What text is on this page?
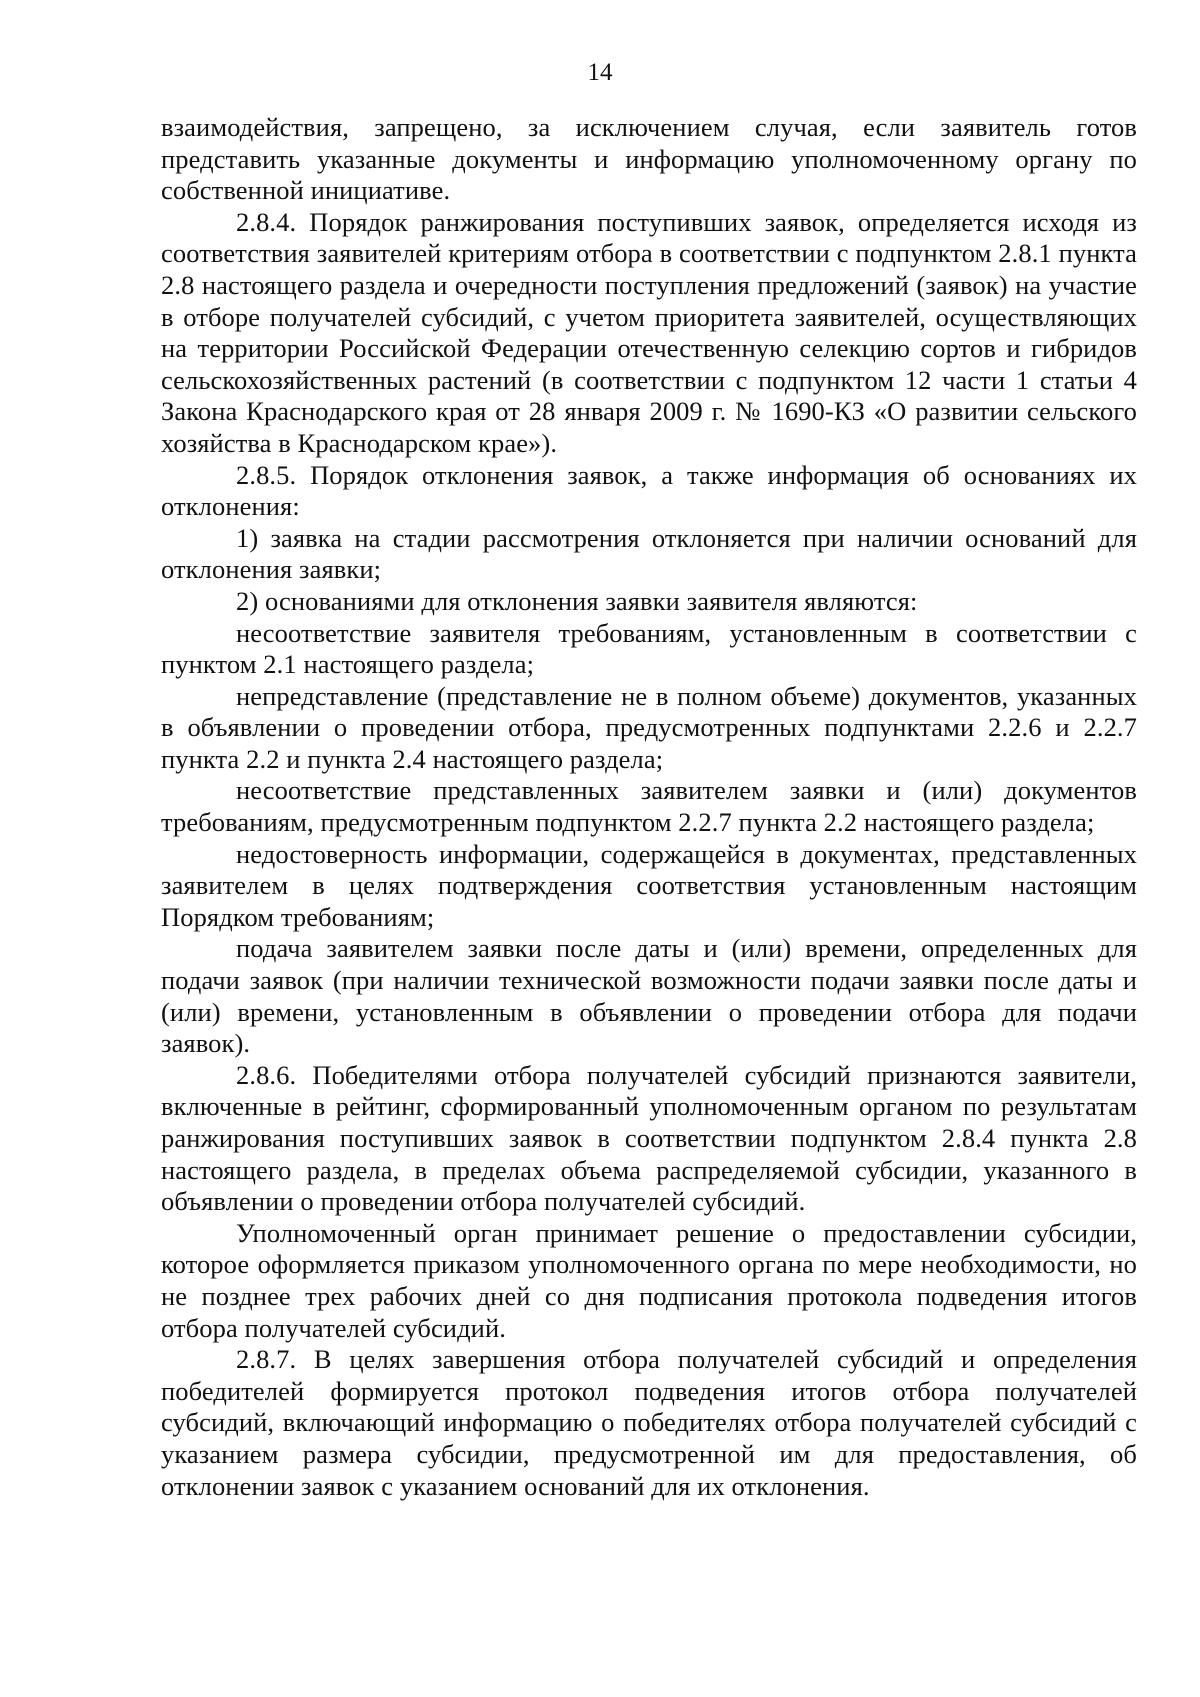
14

взаимодействия, запрещено, за исключением случая, если заявитель готов представить указанные документы и информацию уполномоченному органу по собственной инициативе.

2.8.4. Порядок ранжирования поступивших заявок, определяется исходя из соответствия заявителей критериям отбора в соответствии с подпунктом 2.8.1 пункта 2.8 настоящего раздела и очередности поступления предложений (заявок) на участие в отборе получателей субсидий, с учетом приоритета заявителей, осуществляющих на территории Российской Федерации отечественную селекцию сортов и гибридов сельскохозяйственных растений (в соответствии с подпунктом 12 части 1 статьи 4 Закона Краснодарского края от 28 января 2009 г. № 1690-КЗ «О развитии сельского хозяйства в Краснодарском крае»).

2.8.5. Порядок отклонения заявок, а также информация об основаниях их отклонения:

1) заявка на стадии рассмотрения отклоняется при наличии оснований для отклонения заявки;

2) основаниями для отклонения заявки заявителя являются:

несоответствие заявителя требованиям, установленным в соответствии с пунктом 2.1 настоящего раздела;

непредставление (представление не в полном объеме) документов, указанных в объявлении о проведении отбора, предусмотренных подпунктами 2.2.6 и 2.2.7 пункта 2.2 и пункта 2.4 настоящего раздела;

несоответствие представленных заявителем заявки и (или) документов требованиям, предусмотренным подпунктом 2.2.7 пункта 2.2 настоящего раздела;

недостоверность информации, содержащейся в документах, представленных заявителем в целях подтверждения соответствия установленным настоящим Порядком требованиям;

подача заявителем заявки после даты и (или) времени, определенных для подачи заявок (при наличии технической возможности подачи заявки после даты и (или) времени, установленным в объявлении о проведении отбора для подачи заявок).

2.8.6. Победителями отбора получателей субсидий признаются заявители, включенные в рейтинг, сформированный уполномоченным органом по результатам ранжирования поступивших заявок в соответствии подпунктом 2.8.4 пункта 2.8 настоящего раздела, в пределах объема распределяемой субсидии, указанного в объявлении о проведении отбора получателей субсидий.

Уполномоченный орган принимает решение о предоставлении субсидии, которое оформляется приказом уполномоченного органа по мере необходимости, но не позднее трех рабочих дней со дня подписания протокола подведения итогов отбора получателей субсидий.

2.8.7. В целях завершения отбора получателей субсидий и определения победителей формируется протокол подведения итогов отбора получателей субсидий, включающий информацию о победителях отбора получателей субсидий с указанием размера субсидии, предусмотренной им для предоставления, об отклонении заявок с указанием оснований для их отклонения.
